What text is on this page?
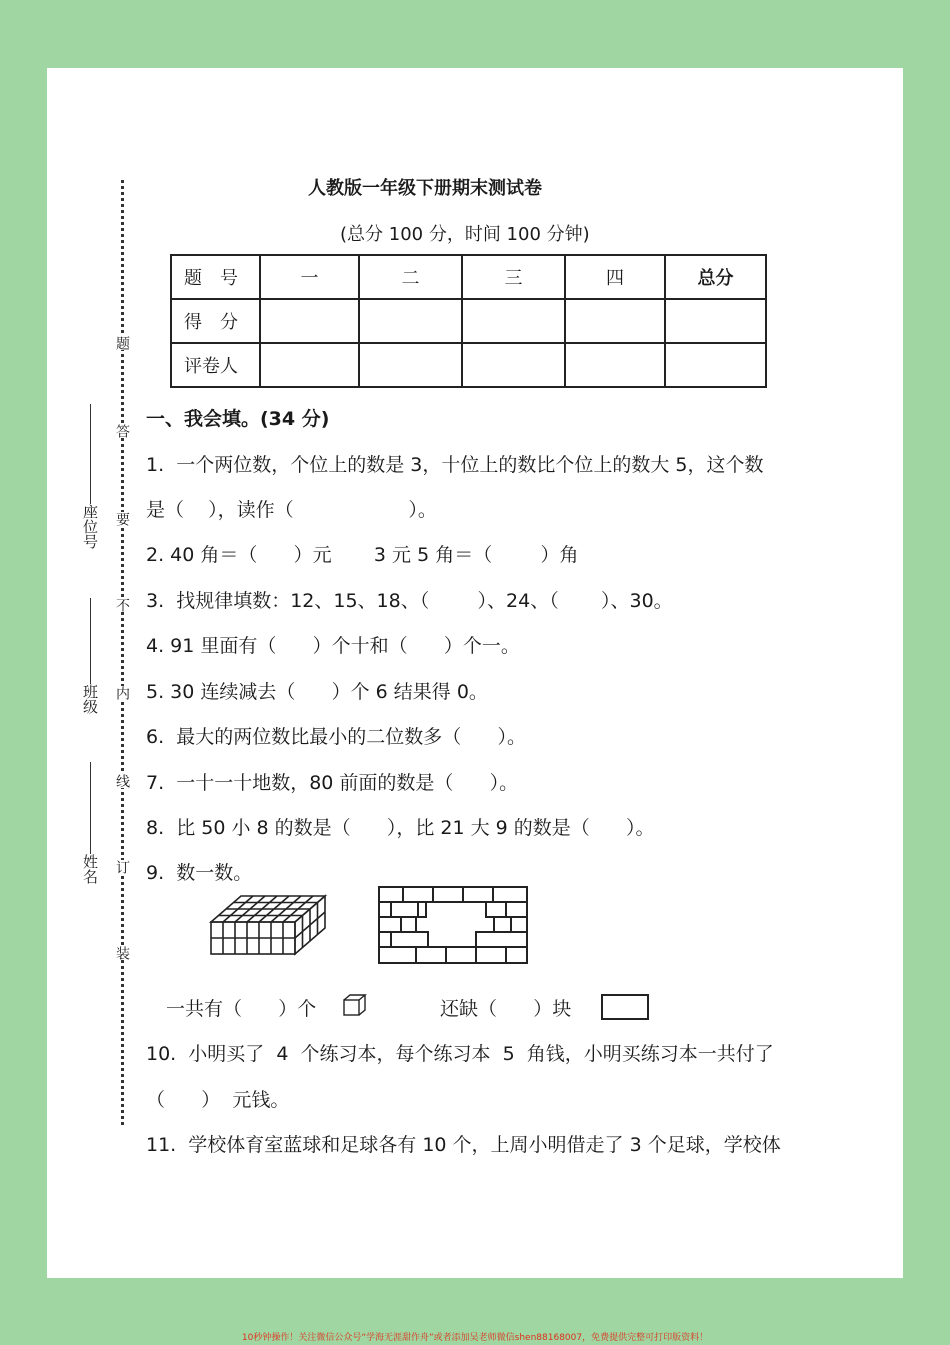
题
答
要
不
内
线
订
装
座位号
班级
姓名
人教版一年级下册期末测试卷
(总分 100 分，时间 100 分钟)
题　号	一	二	三	四	总分
得　分					
评卷人					
一、我会填。(34 分)
1.  一个两位数，个位上的数是 3，十位上的数比个位上的数大 5，这个数
是（    ），读作（                   ）。
2. 40 角＝（      ）元       3 元 5 角＝（        ）角
3.  找规律填数：12、15、18、（        ）、24、（       ）、30。
4. 91 里面有（      ）个十和（      ）个一。
5. 30 连续减去（      ）个 6 结果得 0。
6.  最大的两位数比最小的二位数多（      ）。
7.  一十一十地数，80 前面的数是（      ）。
8.  比 50 小 8 的数是（      ），比 21 大 9 的数是（      ）。
9.  数一数。
一共有（      ）个	还缺（      ）块
10.  小明买了  4  个练习本，每个练习本  5  角钱，小明买练习本一共付了
（      ）  元钱。
11.  学校体育室蓝球和足球各有 10 个，上周小明借走了 3 个足球，学校体
10秒钟操作！关注微信公众号“学海无涯甜作舟”或者添加吴老师微信shen88168007，免费提供完整可打印版资料！
